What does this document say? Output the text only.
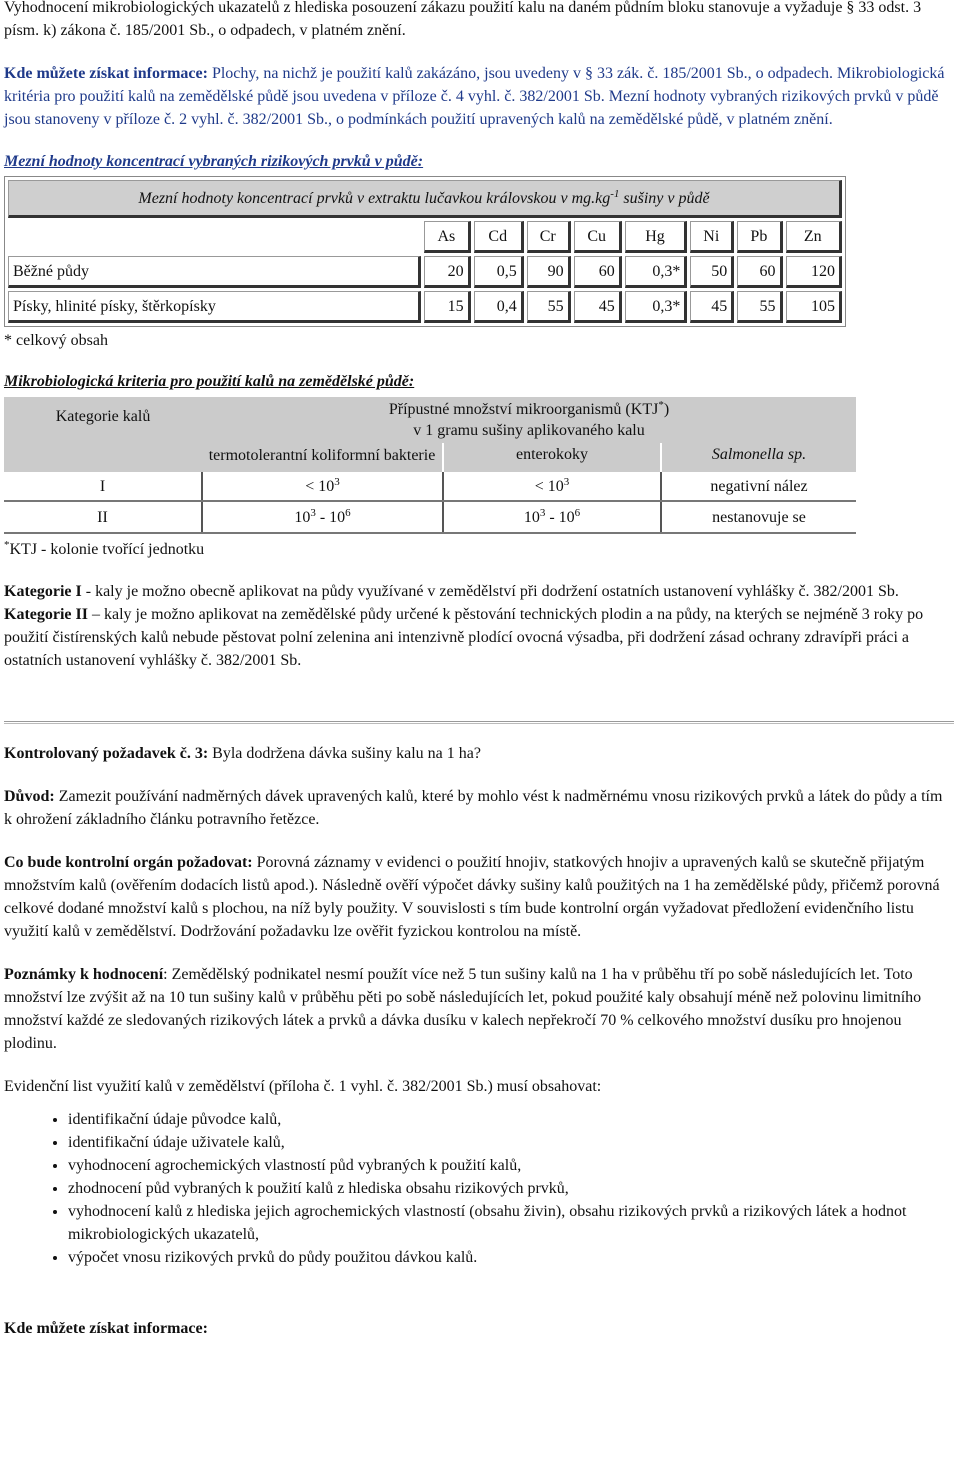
Vyhodnocení mikrobiologických ukazatelů z hlediska posouzení zákazu použití kalu na daném půdním bloku stanovuje a vyžaduje § 33 odst. 3 písm. k) zákona č. 185/2001 Sb., o odpadech, v platném znění.

Kde můžete získat informace: Plochy, na nichž je použití kalů zakázáno, jsou uvedeny v § 33 zák. č. 185/2001 Sb., o odpadech. Mikrobiologická kritéria pro použití kalů na zemědělské půdě jsou uvedena v příloze č. 4 vyhl. č. 382/2001 Sb. Mezní hodnoty vybraných rizikových prvků v půdě jsou stanoveny v příloze č. 2 vyhl. č. 382/2001 Sb., o podmínkách použití upravených kalů na zemědělské půdě, v platném znění.

Mezní hodnoty koncentrací vybraných rizikových prvků v půdě:

Mezní hodnoty koncentrací prvků v extraktu lučavkou královskou v $mg.kg^{-1}$ sušiny v půdě								
	As	Cd	Cr	Cu	Hg	Ni	Pb	Zn
Běžné půdy	20	0,5	90	60	0,3*	50	60	120
Písky, hlinité písky, štěrkopísky	15	0,4	55	45	0,3*	45	55	105

* celkový obsah

Mikrobiologická kriteria pro použití kalů na zemědělské půdě:

Kategorie kalů	Přípustné množství mikroorganismů (KTJ*)
v 1 gramu sušiny aplikovaného kalu		
	termotolerantní koliformní bakterie	enterokoky	Salmonella sp.

I	< $10^3$	< $10^3$	negativní nález
II	$10^3 - 10^6$	$10^3 - 10^6$	nestanovuje se

*KTJ - kolonie tvořící jednotku

Kategorie I - kaly je možno obecně aplikovat na půdy využívané v zemědělství při dodržení ostatních ustanovení vyhlášky č. 382/2001 Sb.

Kategorie II – kaly je možno aplikovat na zemědělské půdy určené k pěstování technických plodin a na půdy, na kterých se nejméně 3 roky po použití čistírenských kalů nebude pěstovat polní zelenina ani intenzivně plodící ovocná výsadba, při dodržení zásad ochrany zdravípři práci a ostatních ustanovení vyhlášky č. 382/2001 Sb.

Kontrolovaný požadavek č. 3: Byla dodržena dávka sušiny kalu na 1 ha?

Důvod: Zamezit používání nadměrných dávek upravených kalů, které by mohlo vést k nadměrnému vnosu rizikových prvků a látek do půdy a tím k ohrožení základního článku potravního řetězce.

Co bude kontrolní orgán požadovat: Porovná záznamy v evidenci o použití hnojiv, statkových hnojiv a upravených kalů se skutečně přijatým množstvím kalů (ověřením dodacích listů apod.). Následně ověří výpočet dávky sušiny kalů použitých na 1 ha zemědělské půdy, přičemž porovná celkové dodané množství kalů s plochou, na níž byly použity. V souvislosti s tím bude kontrolní orgán vyžadovat předložení evidenčního listu využití kalů v zemědělství. Dodržování požadavku lze ověřit fyzickou kontrolou na místě.

Poznámky k hodnocení: Zemědělský podnikatel nesmí použít více než 5 tun sušiny kalů na 1 ha v průběhu tří po sobě následujících let. Toto množství lze zvýšit až na 10 tun sušiny kalů v průběhu pěti po sobě následujících let, pokud použité kaly obsahují méně než polovinu limitního množství každé ze sledovaných rizikových látek a prvků a dávka dusíku v kalech nepřekročí 70 % celkového množství dusíku pro hnojenou plodinu.

Evidenční list využití kalů v zemědělství (příloha č. 1 vyhl. č. 382/2001 Sb.) musí obsahovat:

• identifikační údaje původce kalů,
• identifikační údaje uživatele kalů,
• vyhodnocení agrochemických vlastností půd vybraných k použití kalů,
• zhodnocení půd vybraných k použití kalů z hlediska obsahu rizikových prvků,
• vyhodnocení kalů z hlediska jejich agrochemických vlastností (obsahu živin), obsahu rizikových prvků a rizikových látek a hodnot mikrobiologických ukazatelů,
• výpočet vnosu rizikových prvků do půdy použitou dávkou kalů.

Kde můžete získat informace:
